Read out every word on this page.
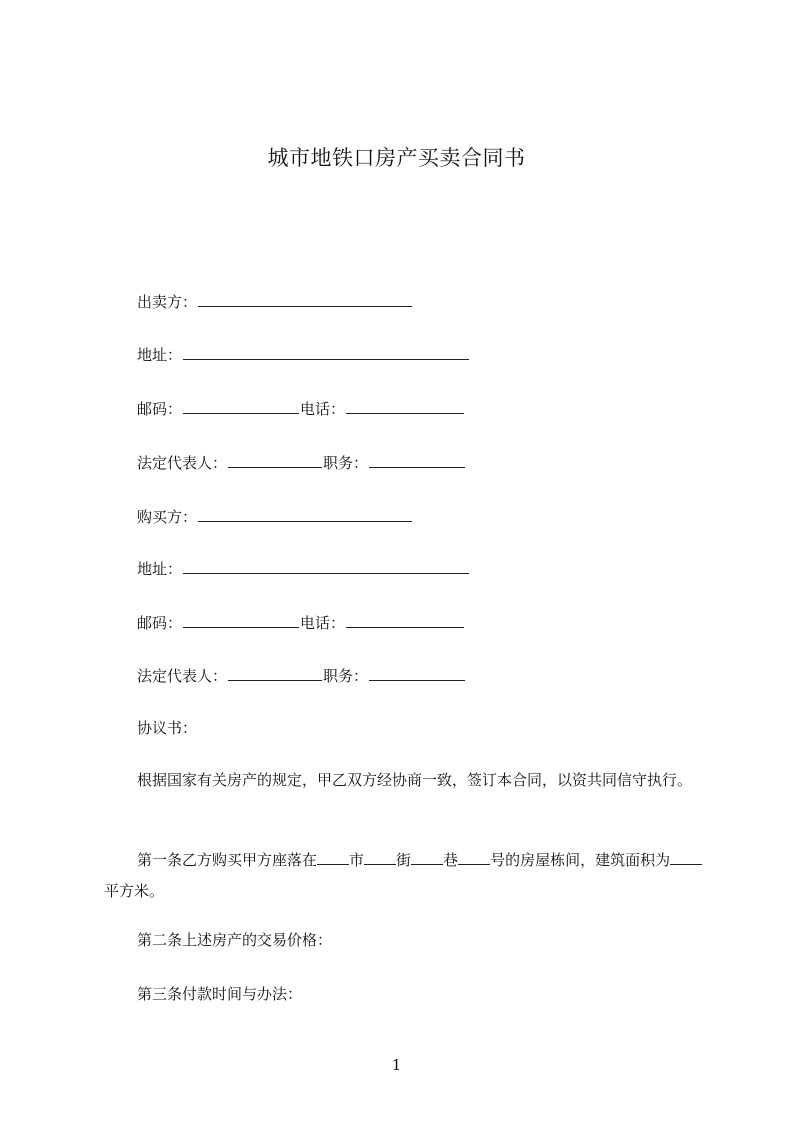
城市地铁口房产买卖合同书
出卖方：
地址：
邮码：	电话：
法定代表人：	职务：
购买方：
地址：
邮码：	电话：
法定代表人：	职务：
协议书：
根据国家有关房产的规定，甲乙双方经协商一致，签订本合同，以资共同信守执行。
第一条乙方购买甲方座落在 市 街 巷 号的房屋栋间，建筑面积为平方米。
第二条上述房产的交易价格：
第三条付款时间与办法：
1
